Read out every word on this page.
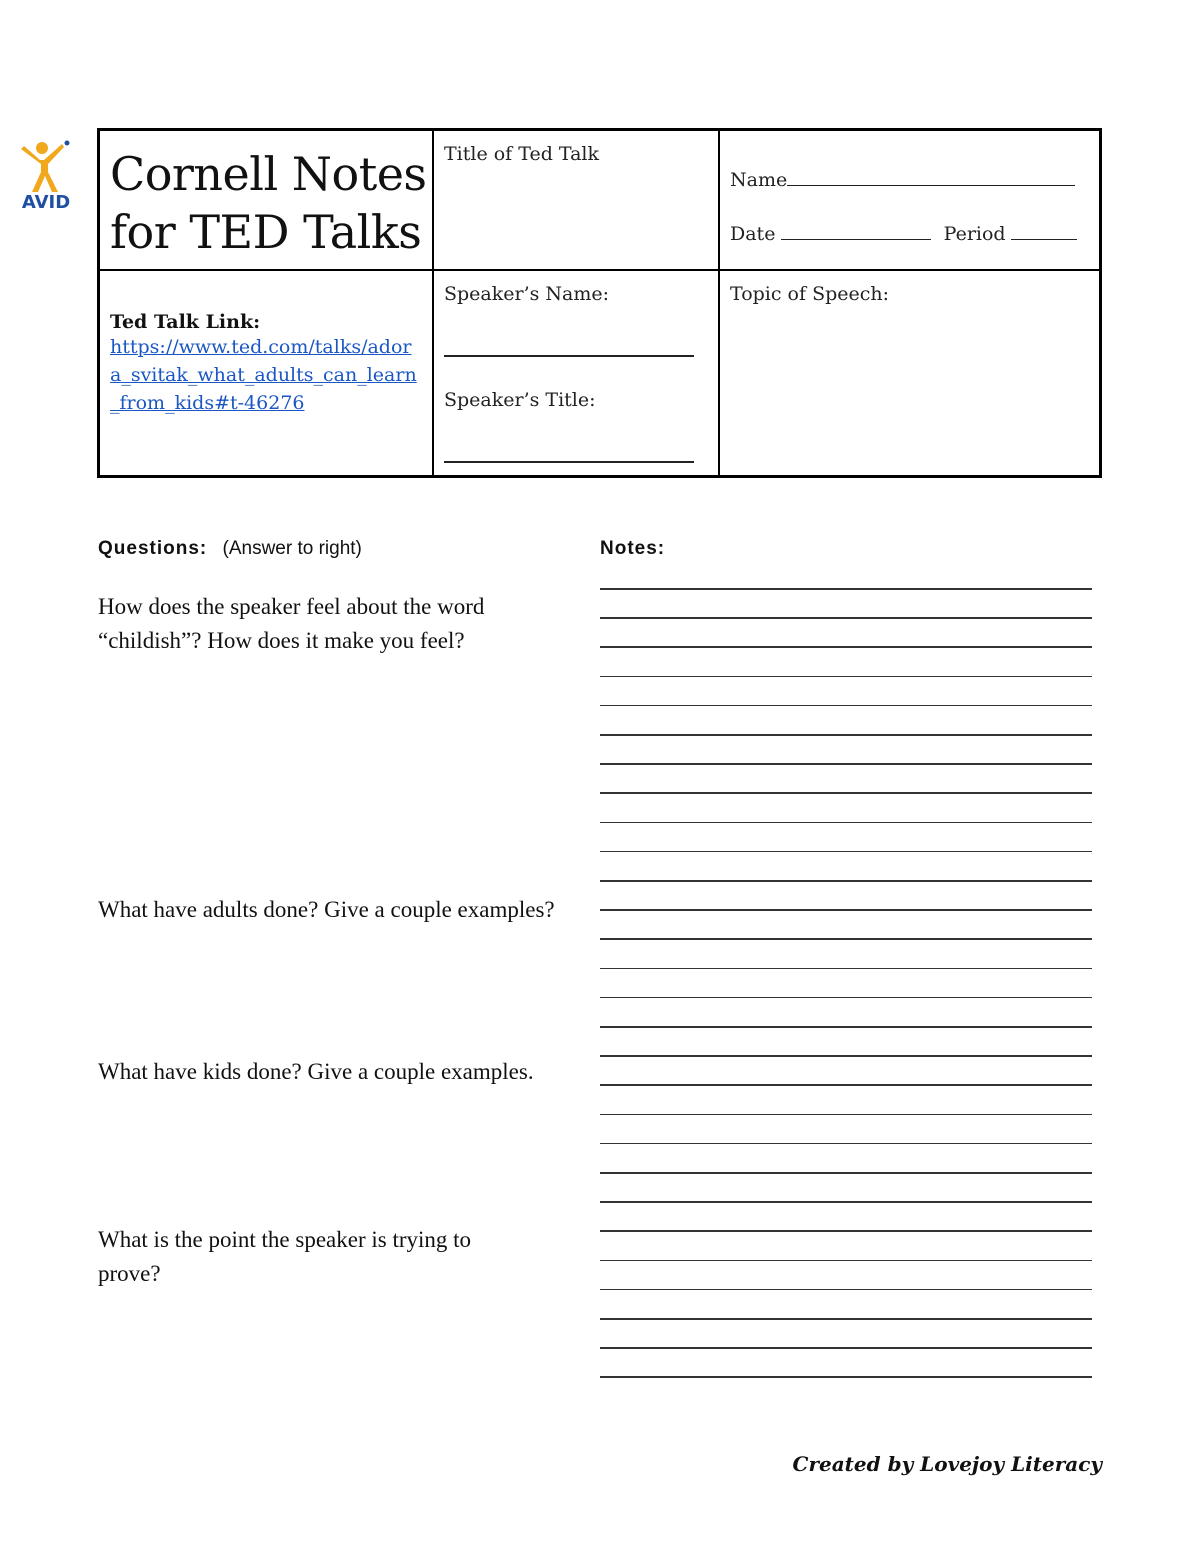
AVID
Cornell Notes for TED Talks
Title of Ted Talk
Name
Date	Period
Ted Talk Link:
https://www.ted.com/talks/adora_svitak_what_adults_can_learn_from_kids#t-46276
Speaker’s Name:
Speaker’s Title:
Topic of Speech:
Questions: (Answer to right)	Notes:
How does the speaker feel about the word “childish”? How does it make you feel?
What have adults done? Give a couple examples?
What have kids done? Give a couple examples.
What is the point the speaker is trying to prove?
Created by Lovejoy Literacy
